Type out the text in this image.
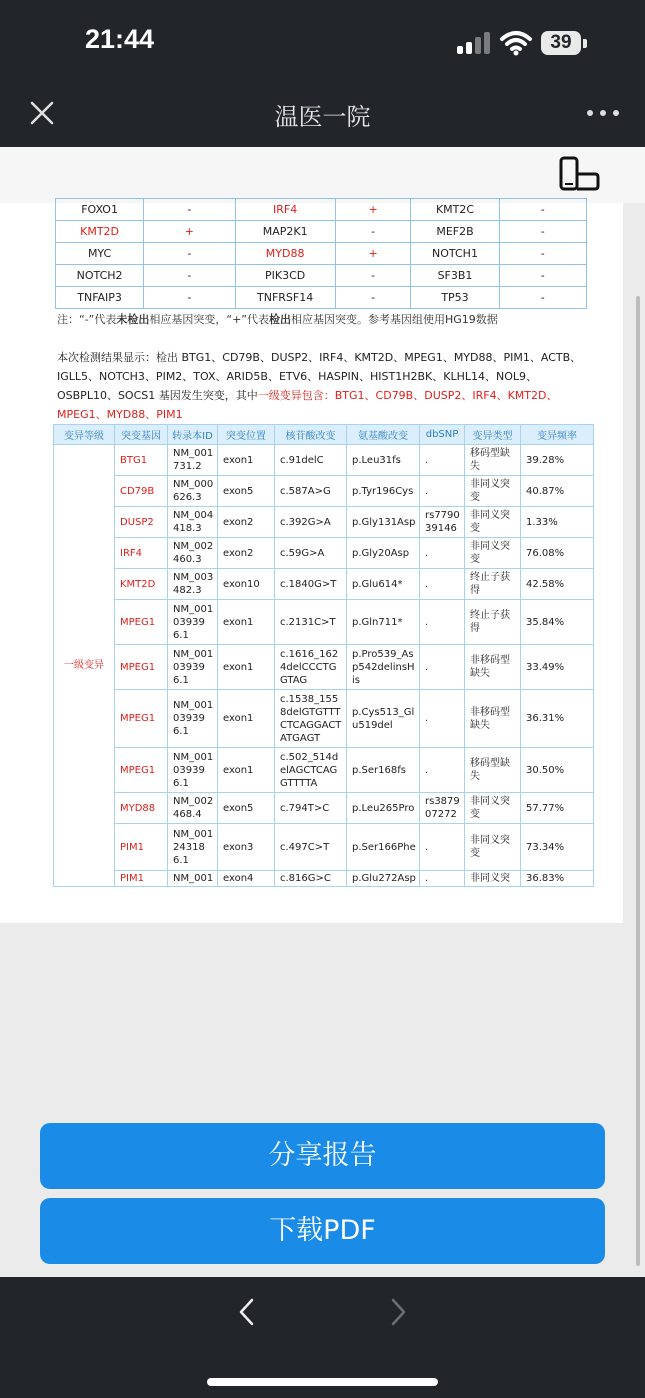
21:44	39
温医一院
FOXO1	-	IRF4	+	KMT2C	-
KMT2D	+	MAP2K1	-	MEF2B	-
MYC	-	MYD88	+	NOTCH1	-
NOTCH2	-	PIK3CD	-	SF3B1	-
TNFAIP3	-	TNFRSF14	-	TP53	-
注：“-”代表未检出相应基因突变，“+”代表检出相应基因突变。参考基因组使用HG19数据
本次检测结果显示：检出 BTG1、CD79B、DUSP2、IRF4、KMT2D、MPEG1、MYD88、PIM1、ACTB、IGLL5、NOTCH3、PIM2、TOX、ARID5B、ETV6、HASPIN、HIST1H2BK、KLHL14、NOL9、OSBPL10、SOCS1 基因发生突变，其中一级变异包含：BTG1、CD79B、DUSP2、IRF4、KMT2D、MPEG1、MYD88、PIM1
变异等级	突变基因	转录本ID	突变位置	核苷酸改变	氨基酸改变	dbSNP	变异类型	变异频率
一级变异	BTG1	NM_001731.2	exon1	c.91delC	p.Leu31fs	.	移码型缺失	39.28%
	CD79B	NM_000626.3	exon5	c.587A>G	p.Tyr196Cys	.	非同义突变	40.87%
	DUSP2	NM_004418.3	exon2	c.392G>A	p.Gly131Asp	rs779039146	非同义突变	1.33%
	IRF4	NM_002460.3	exon2	c.59G>A	p.Gly20Asp	.	非同义突变	76.08%
	KMT2D	NM_003482.3	exon10	c.1840G>T	p.Glu614*	.	终止子获得	42.58%
	MPEG1	NM_001039396.1	exon1	c.2131C>T	p.Gln711*	.	终止子获得	35.84%
	MPEG1	NM_001039396.1	exon1	c.1616_1624delCCCTGGTAG	p.Pro539_Asp542delinsHis	.	非移码型缺失	33.49%
	MPEG1	NM_001039396.1	exon1	c.1538_1558delGTGTTTCTCAGGACTATGAGT	p.Cys513_Glu519del	.	非移码型缺失	36.31%
	MPEG1	NM_001039396.1	exon1	c.502_514delAGCTCAGGTTTTA	p.Ser168fs	.	移码型缺失	30.50%
	MYD88	NM_002468.4	exon5	c.794T>C	p.Leu265Pro	rs387907272	非同义突变	57.77%
	PIM1	NM_001243186.1	exon3	c.497C>T	p.Ser166Phe	.	非同义突变	73.34%
	PIM1	NM_001	exon4	c.816G>C	p.Glu272Asp	.	非同义突	36.83%
分享报告
下载PDF
